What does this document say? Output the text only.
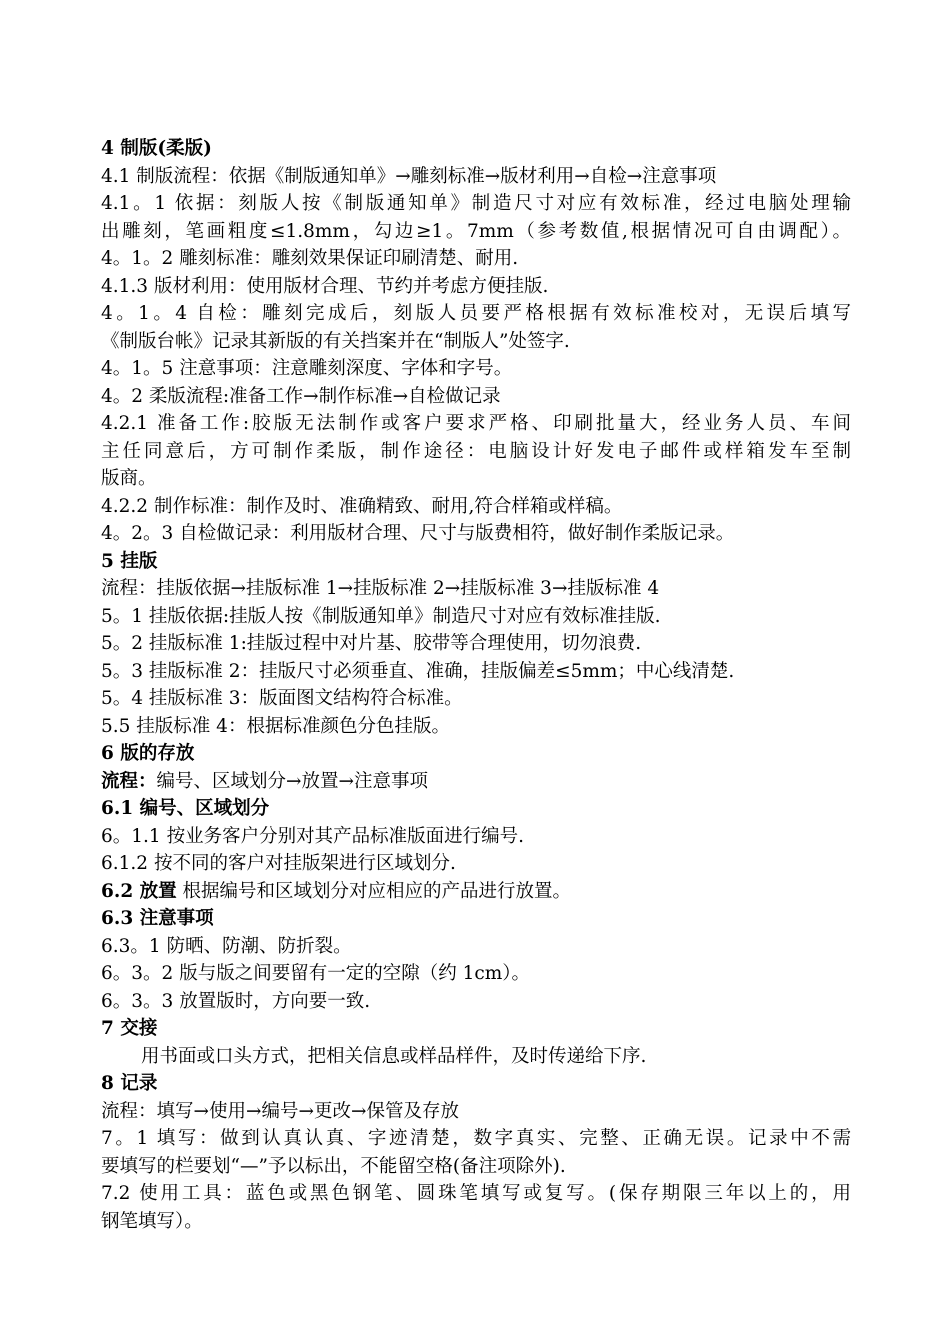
4 制版(柔版)
4.1 制版流程：依据《制版通知单》→雕刻标准→版材利用→自检→注意事项
4.1。1 依据：刻版人按《制版通知单》制造尺寸对应有效标准，经过电脑处理输
出雕刻，笔画粗度≤1.8mm，勾边≥1。7mm（参考数值,根据情况可自由调配）。
4。1。2 雕刻标准：雕刻效果保证印刷清楚、耐用.
4.1.3 版材利用：使用版材合理、节约并考虑方便挂版.
4。1。4 自检：雕刻完成后，刻版人员要严格根据有效标准校对，无误后填写
《制版台帐》记录其新版的有关挡案并在“制版人”处签字.
4。1。5 注意事项：注意雕刻深度、字体和字号。
4。2 柔版流程:准备工作→制作标准→自检做记录
4.2.1 准备工作:胶版无法制作或客户要求严格、印刷批量大，经业务人员、车间
主任同意后，方可制作柔版，制作途径：电脑设计好发电子邮件或样箱发车至制
版商。
4.2.2 制作标准：制作及时、准确精致、耐用,符合样箱或样稿。
4。2。3 自检做记录：利用版材合理、尺寸与版费相符，做好制作柔版记录。
5 挂版
流程：挂版依据→挂版标准 1→挂版标准 2→挂版标准 3→挂版标准 4
5。1 挂版依据:挂版人按《制版通知单》制造尺寸对应有效标准挂版.
5。2 挂版标准 1:挂版过程中对片基、胶带等合理使用，切勿浪费.
5。3 挂版标准 2：挂版尺寸必须垂直、准确，挂版偏差≤5mm；中心线清楚.
5。4 挂版标准 3：版面图文结构符合标准。
5.5 挂版标准 4：根据标准颜色分色挂版。
6 版的存放
流程：编号、区域划分→放置→注意事项
6.1 编号、区域划分
6。1.1 按业务客户分别对其产品标准版面进行编号.
6.1.2 按不同的客户对挂版架进行区域划分.
6.2 放置 根据编号和区域划分对应相应的产品进行放置。
6.3 注意事项
6.3。1 防晒、防潮、防折裂。
6。3。2 版与版之间要留有一定的空隙（约 1cm）。
6。3。3 放置版时，方向要一致.
7 交接
用书面或口头方式，把相关信息或样品样件，及时传递给下序.
8 记录
流程：填写→使用→编号→更改→保管及存放
7。1 填写：做到认真认真、字迹清楚，数字真实、完整、正确无误。记录中不需
要填写的栏要划“—”予以标出，不能留空格(备注项除外).
7.2 使用工具：蓝色或黑色钢笔、圆珠笔填写或复写。(保存期限三年以上的，用
钢笔填写）。
